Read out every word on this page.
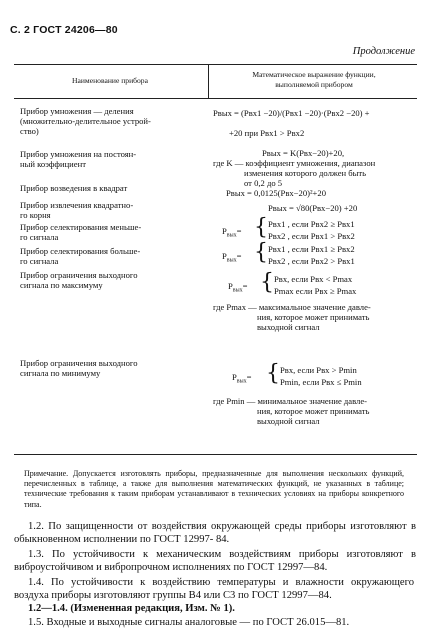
С. 2 ГОСТ 24206—80
Продолжение
Наименование прибора
Математическое выражение функции,
выполняемой прибором
Прибор умножения — деления
(множительно-делительное устрой-
ство)
Pвых = (Pвх1 −20)/(Pвх1 −20)·(Pвх2 −20) +
+20 при Pвх1 > Pвх2
Прибор умножения на постоян-
ный коэффициент
Pвых = K(Pвх−20)+20,
где K — коэффициент умножения, диапазон
изменения которого должен быть
от 0,2 до 5
Прибор возведения в квадрат	Pвых = 0,0125(Pвх−20)²+20
Прибор извлечения квадратно-
го корня
Pвых = √80(Pвх−20) +20
Прибор селектирования меньше-
го сигнала
$P_{вых}=$ { Pвх1 , если Pвх2 ≥ Pвх1
Pвх2 , если Pвх1 > Pвх2
Прибор селектирования больше-
го сигнала	$P_{вых}=$ { Pвх1 , если Pвх1 ≥ Pвх2
Pвх2 , если Pвх2 > Pвх1
Прибор ограничения выходного
сигнала по максимуму	$P_{вых}=$ { Pвх, если Pвх < Pmax
Pmax если Pвх ≥ Pmax
где Pmax — максимальное значение давле-
ния, которое может принимать
выходной сигнал
Прибор ограничения выходного
сигнала по минимуму	$P_{вых}=$ { Pвх, если Pвх > Pmin
Pmin, если Pвх ≤ Pmin
где Pmin — минимальное значение давле-
ния, которое может принимать
выходной сигнал
Примечание. Допускается изготовлять приборы, предназначенные для выполнения нескольких функций, перечисленных в таблице, а также для выполнения математических функций, не указанных в таблице; технические требования к таким приборам устанавливают в технических условиях на приборы конкретного типа.
1.2. По защищенности от воздействия окружающей среды приборы изготовляют в обыкновенном исполнении по ГОСТ 12997- 84.
1.3. По устойчивости к механическим воздействиям приборы изготовляют в виброустойчивом и вибропрочном исполнениях по ГОСТ 12997—84.
1.4. По устойчивости к воздействию температуры и влажности окружающего воздуха приборы изготовляют группы В4 или С3 по ГОСТ 12997—84.
1.2—1.4. (Измененная редакция, Изм. № 1).
1.5. Входные и выходные сигналы аналоговые — по ГОСТ 26.015—81.
